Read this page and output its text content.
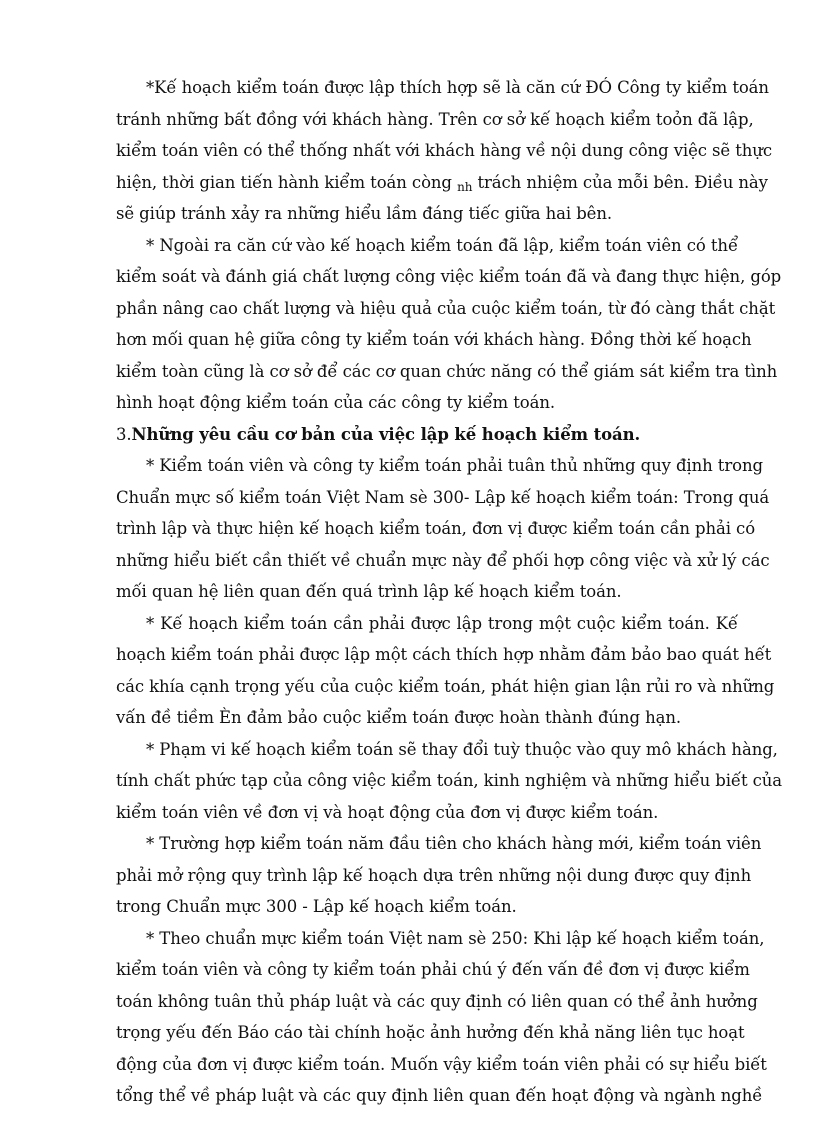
*Kế hoạch kiểm toán được lập thích hợp sẽ là căn cứ ĐÓ Công ty kiểm toán
tránh những bất đồng với khách hàng. Trên cơ sở kế hoạch kiểm toỏn đã lập,
kiểm toán viên có thể thống nhất với khách hàng về nội dung công việc sẽ thực
hiện, thời gian tiến hành kiểm toán còng $_{nh}$ trách nhiệm của mỗi bên. Điều này
sẽ giúp tránh xảy ra những hiểu lầm đáng tiếc giữa hai bên.
* Ngoài ra căn cứ vào kế hoạch kiểm toán đã lập, kiểm toán viên có thể
kiểm soát và đánh giá chất lượng công việc kiểm toán đã và đang thực hiện, góp
phần nâng cao chất lượng và hiệu quả của cuộc kiểm toán, từ đó càng thắt chặt
hơn mối quan hệ giữa công ty kiểm toán với khách hàng. Đồng thời kế hoạch
kiểm toàn cũng là cơ sở để các cơ quan chức năng có thể giám sát kiểm tra tình
hình hoạt động kiểm toán của các công ty kiểm toán.
3.Những yêu cầu cơ bản của việc lập kế hoạch kiểm toán.
* Kiểm toán viên và công ty kiểm toán phải tuân thủ những quy định trong
Chuẩn mực số kiểm toán Việt Nam sè 300- Lập kế hoạch kiểm toán: Trong quá
trình lập và thực hiện kế hoạch kiểm toán, đơn vị được kiểm toán cần phải có
những hiểu biết cần thiết về chuẩn mực này để phối hợp công việc và xử lý các
mối quan hệ liên quan đến quá trình lập kế hoạch kiểm toán.
* Kế hoạch kiểm toán cần phải được lập trong một cuộc kiểm toán. Kế
hoạch kiểm toán phải được lập một cách thích hợp nhằm đảm bảo bao quát hết
các khía cạnh trọng yếu của cuộc kiểm toán, phát hiện gian lận rủi ro và những
vấn đề tiềm Èn đảm bảo cuộc kiểm toán được hoàn thành đúng hạn.
* Phạm vi kế hoạch kiểm toán sẽ thay đổi tuỳ thuộc vào quy mô khách hàng,
tính chất phức tạp của công việc kiểm toán, kinh nghiệm và những hiểu biết của
kiểm toán viên về đơn vị và hoạt động của đơn vị được kiểm toán.
* Trường hợp kiểm toán năm đầu tiên cho khách hàng mới, kiểm toán viên
phải mở rộng quy trình lập kế hoạch dựa trên những nội dung được quy định
trong Chuẩn mực 300 - Lập kế hoạch kiểm toán.
* Theo chuẩn mực kiểm toán Việt nam sè 250: Khi lập kế hoạch kiểm toán,
kiểm toán viên và công ty kiểm toán phải chú ý đến vấn đề đơn vị được kiểm
toán không tuân thủ pháp luật và các quy định có liên quan có thể ảnh hưởng
trọng yếu đến Báo cáo tài chính hoặc ảnh hưởng đến khả năng liên tục hoạt
động của đơn vị được kiểm toán. Muốn vậy kiểm toán viên phải có sự hiểu biết
tổng thể về pháp luật và các quy định liên quan đến hoạt động và ngành nghề
